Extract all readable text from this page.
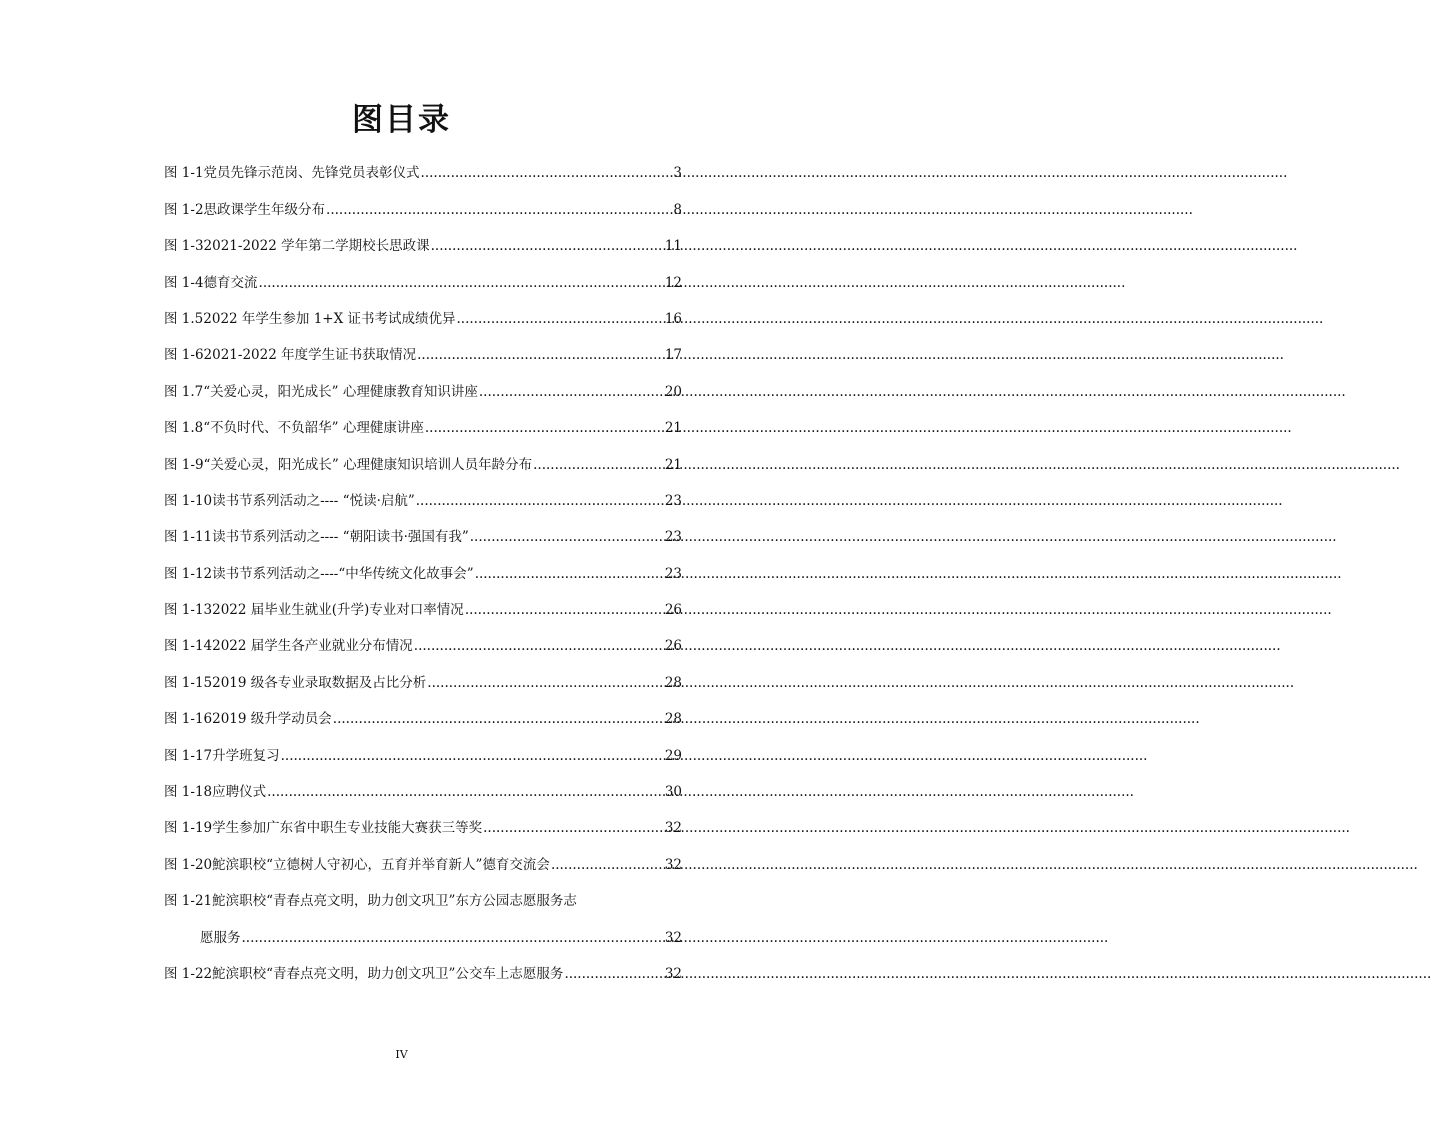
图目录
图 1-1 党员先锋示范岗、先锋党员表彰仪式 .....	3
图 1-2 思政课学生年级分布 .....	8
图 1-3 2021-2022 学年第二学期校长思政课 .....	11
图 1-4 德育交流 .....	12
图 1.5 2022 年学生参加 1+X 证书考试成绩优异 .....	16
图 1-6 2021-2022 年度学生证书获取情况 .....	17
图 1.7 “关爱心灵，阳光成长” 心理健康教育知识讲座 .....	20
图 1.8 “不负时代、不负韶华” 心理健康讲座 .....	21
图 1-9 “关爱心灵，阳光成长” 心理健康知识培训人员年龄分布 .....	21
图 1-10 读书节系列活动之---- “悦读·启航” .....	23
图 1-11 读书节系列活动之---- “朝阳读书·强国有我” .....	23
图 1-12 读书节系列活动之----“中华传统文化故事会” .....	23
图 1-13 2022 届毕业生就业(升学)专业对口率情况 .....	26
图 1-14 2022 届学生各产业就业分布情况 .....	26
图 1-15 2019 级各专业录取数据及占比分析 .....	28
图 1-16 2019 级升学动员会 .....	28
图 1-17 升学班复习 .....	29
图 1-18 应聘仪式 .....	30
图 1-19 学生参加广东省中职生专业技能大赛获三等奖 .....	32
图 1-20 鮀滨职校“立德树人守初心，五育并举育新人”德育交流会 .....	32
图 1-21 鮀滨职校“青春点亮文明，助力创文巩卫”东方公园志愿服务志
愿服务 .....	32
图 1-22 鮀滨职校“青春点亮文明，助力创文巩卫”公交车上志愿服务 .....	32
IV
